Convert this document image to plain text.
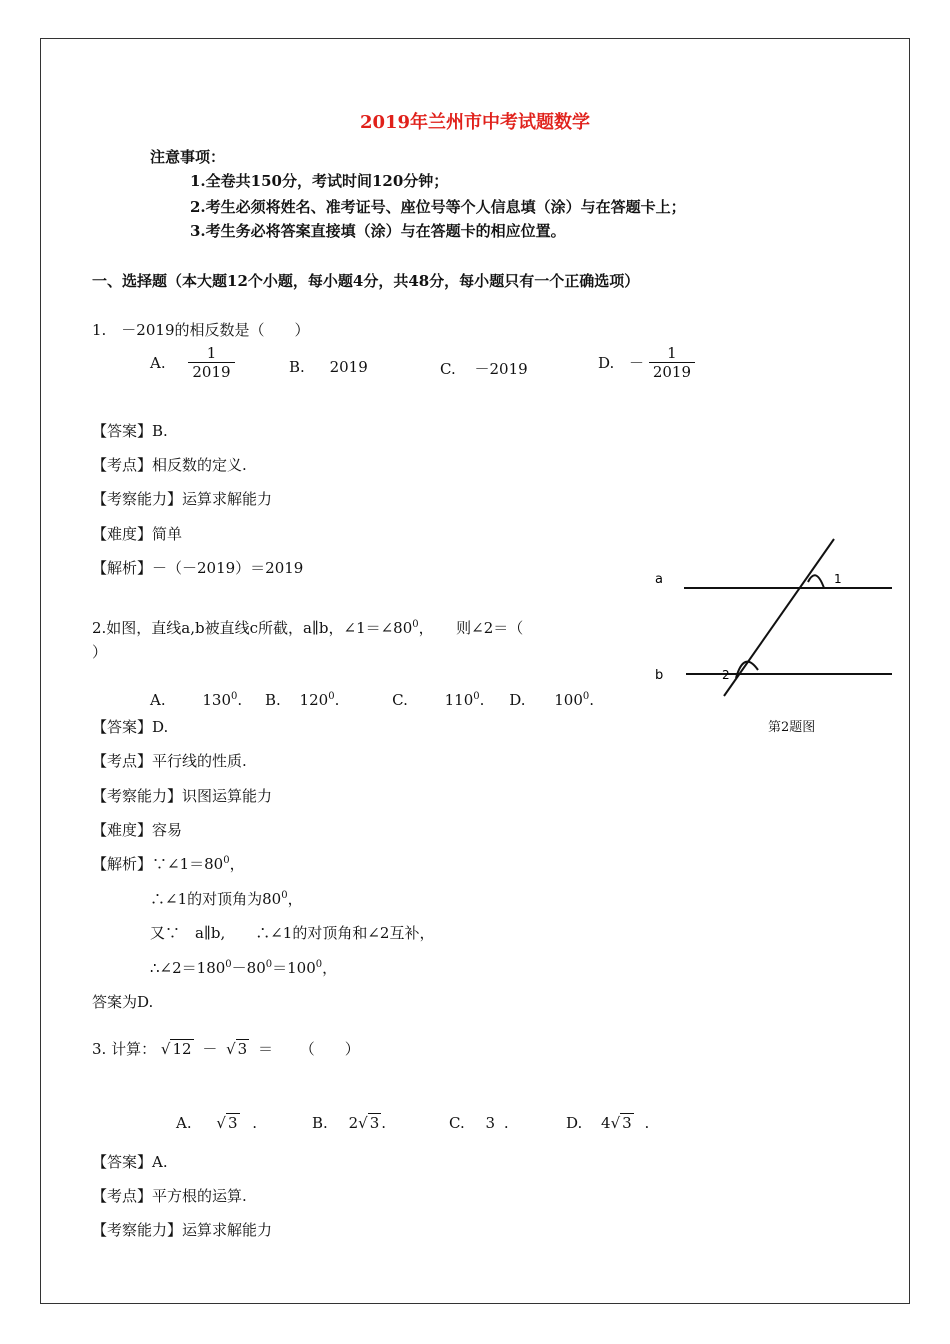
2019年兰州市中考试题数学
注意事项：
1.全卷共150分，考试时间120分钟；
2.考生必须将姓名、准考证号、座位号等个人信息填（涂）与在答题卡上；
3.考生务必将答案直接填（涂）与在答题卡的相应位置。
一、选择题（本大题12个小题，每小题4分，共48分，每小题只有一个正确选项）
1.　－2019的相反数是（　　）
A. $\frac{1}{2019}$	B. 2019	C. －2019	D. － $\frac{1}{2019}$
【答案】B.
【考点】相反数的定义.
【考察能力】运算求解能力
【难度】简单
【解析】－（－2019）＝2019
a
b
1
2
第2题图
2.如图，直线a,b被直线c所截，a∥b，$\angle 1=\angle 80^0$，　　则∠2＝（
）
A. $130^0$. B. $120^0$.	C. $110^0$. D. $100^0$.
【答案】D.
【考点】平行线的性质.
【考察能力】识图运算能力
【难度】容易
【解析】$\because\angle 1=80^0$，
∴∠1的对顶角为$80^0$，
又∵　a∥b,　　∴∠1的对顶角和∠2互补，
$\therefore\angle 2=180^0-80^0=100^0$，
答案为D.
3. 计算： √ 12 － √ 3 ＝ （　　）
A. √ 3 .	B. 2√ 3 .	C. 3 .	D. 4√ 3 .
【答案】A.
【考点】平方根的运算.
【考察能力】运算求解能力
